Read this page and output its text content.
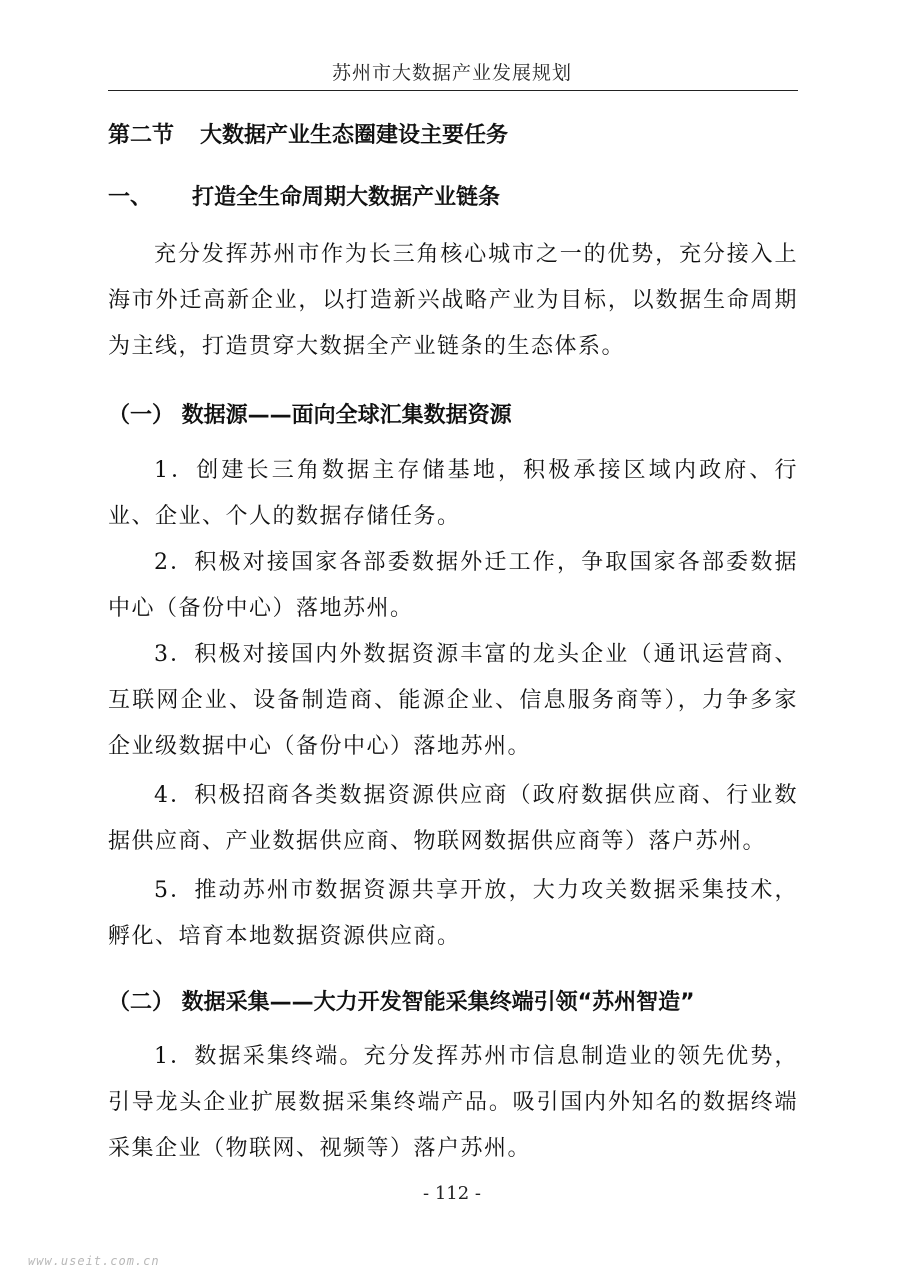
苏州市大数据产业发展规划
第二节 大数据产业生态圈建设主要任务
一、 打造全生命周期大数据产业链条

充分发挥苏州市作为长三角核心城市之一的优势，充分接入上海市外迁高新企业，以打造新兴战略产业为目标，以数据生命周期为主线，打造贯穿大数据全产业链条的生态体系。

（一） 数据源——面向全球汇集数据资源

1．创建长三角数据主存储基地，积极承接区域内政府、行业、企业、个人的数据存储任务。

2．积极对接国家各部委数据外迁工作，争取国家各部委数据中心（备份中心）落地苏州。

3．积极对接国内外数据资源丰富的龙头企业（通讯运营商、互联网企业、设备制造商、能源企业、信息服务商等），力争多家企业级数据中心（备份中心）落地苏州。

4．积极招商各类数据资源供应商（政府数据供应商、行业数据供应商、产业数据供应商、物联网数据供应商等）落户苏州。

5．推动苏州市数据资源共享开放，大力攻关数据采集技术，孵化、培育本地数据资源供应商。

（二） 数据采集——大力开发智能采集终端引领“苏州智造”

1．数据采集终端。充分发挥苏州市信息制造业的领先优势，引导龙头企业扩展数据采集终端产品。吸引国内外知名的数据终端采集企业（物联网、视频等）落户苏州。

- 112 -
www.useit.com.cn
